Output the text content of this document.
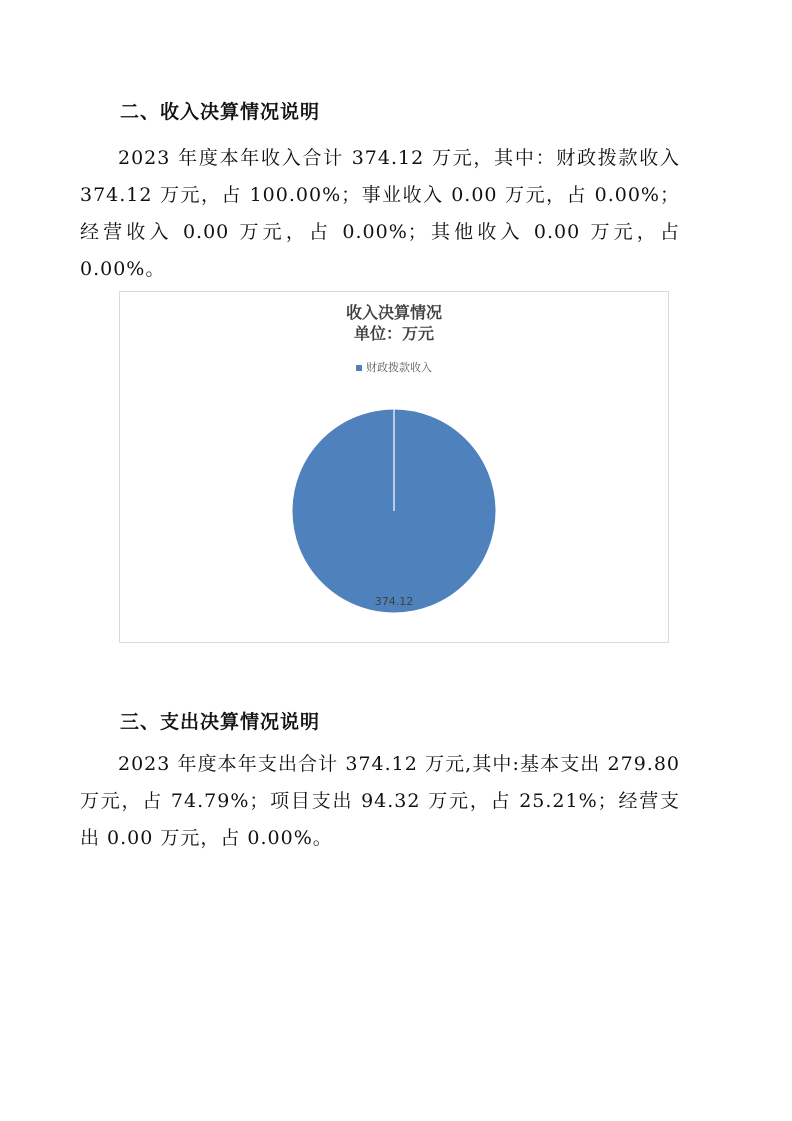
二、收入决算情况说明

2023 年度本年收入合计 374.12 万元，其中：财政拨款收入 374.12 万元，占 100.00%；事业收入 0.00 万元，占 0.00%；经营收入 0.00 万元，占 0.00%；其他收入 0.00 万元，占 0.00%。

收入决算情况
单位：万元
财政拨款收入
374.12
三、支出决算情况说明

2023 年度本年支出合计 374.12 万元,其中:基本支出 279.80 万元，占 74.79%；项目支出 94.32 万元，占 25.21%；经营支出 0.00 万元，占 0.00%。
